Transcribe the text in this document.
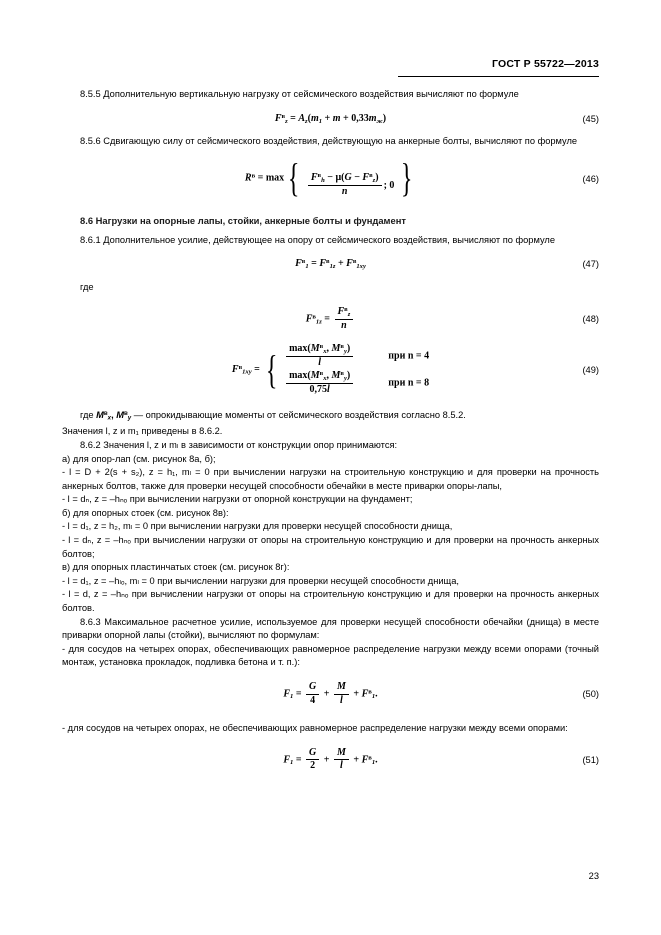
ГОСТ Р 55722—2013

8.5.5 Дополнительную вертикальную нагрузку от сейсмического воздействия вычисляют по формуле

$F^в_z = A_z(m_1 + m + 0,33m_ж)$	(45)

8.5.6 Сдвигающую силу от сейсмического воздействия, действующую на анкерные болты, вычисляют по формуле

$R^в = \max\{ \frac{F^в_h - \mu(G - F^в_z)}{n}$ ; 0 }	(46)

8.6 Нагрузки на опорные лапы, стойки, анкерные болты и фундамент

8.6.1 Дополнительное усилие, действующее на опору от сейсмического воздействия, вычисляют по формуле

$F^в_1 = F^в_{1z} + F^в_{1xy}$	(47)

где

$F^в_{1z} = \frac{F^в_z}{n}$	(48)
$F^в_{1xy}$ = { $\frac{\max(M^в_x, M^в_y)}{l}$	при n = 4
$\frac{\max(M^в_x, M^в_y)}{0,75l}$	при n = 8
(49)

где $M^в_x$, $M^в_y$ — опрокидывающие моменты от сейсмического воздействия согласно 8.5.2.

Значения l, z и m₁ приведены в 8.6.2.

8.6.2 Значения l, z и mₗ в зависимости от конструкции опор принимаются:

а) для опор-лап (см. рисунок 8а, б);

- l = D + 2(s + s₂), z = h₁, mₗ = 0 при вычислении нагрузки на строительную конструкцию и для проверки на прочность анкерных болтов, также для проверки несущей способности обечайки в месте приварки опоры-лапы,

- l = dₙ, z = –hₙₒ при вычислении нагрузки от опорной конструкции на фундамент;

б) для опорных стоек (см. рисунок 8в):

- l = d₁, z = h₂, mₗ = 0 при вычислении нагрузки для проверки несущей способности днища,

- l = dₙ, z = –hₙₒ при вычислении нагрузки от опоры на строительную конструкцию и для проверки на прочность анкерных болтов;

в) для опорных пластинчатых стоек (см. рисунок 8г):

- l = d₁, z = –hₗₒ, mₗ = 0 при вычислении нагрузки для проверки несущей способности днища,

- l = d, z = –hₙₒ при вычислении нагрузки от опоры на строительную конструкцию и для проверки на прочность анкерных болтов.

8.6.3 Максимальное расчетное усилие, используемое для проверки несущей способности обечайки (днища) в месте приварки опорной лапы (стойки), вычисляют по формулам:

- для сосудов на четырех опорах, обеспечивающих равномерное распределение нагрузки между всеми опорами (точный монтаж, установка прокладок, подливка бетона и т. п.):

$F_1 = \frac{G}{4} + \frac{M}{l} + F^в_1$.	(50)

- для сосудов на четырех опорах, не обеспечивающих равномерное распределение нагрузки между всеми опорами:

$F_1 = \frac{G}{2} + \frac{M}{l} + F^в_1$.	(51)
23
